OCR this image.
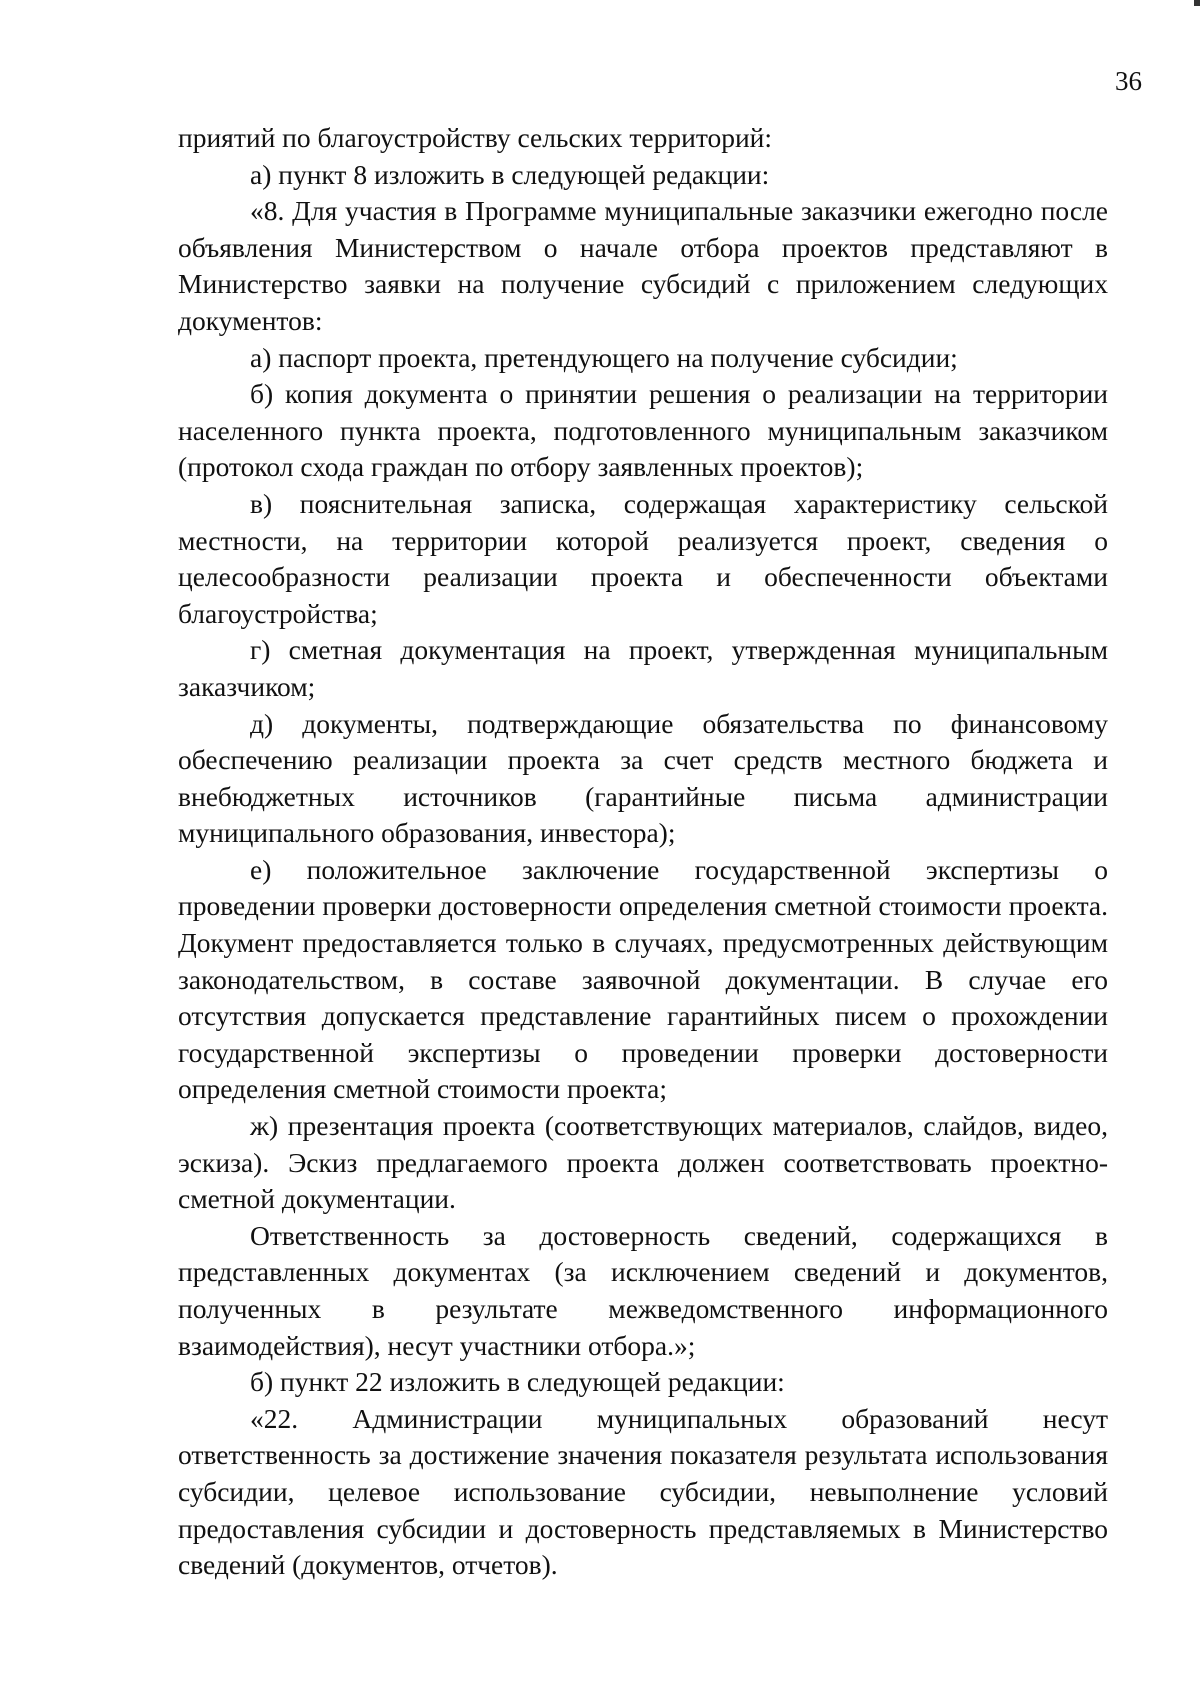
36

приятий по благоустройству сельских территорий:

а) пункт 8 изложить в следующей редакции:

«8. Для участия в Программе муниципальные заказчики ежегодно после объявления Министерством о начале отбора проектов представляют в Министерство заявки на получение субсидий с приложением следующих документов:

а) паспорт проекта, претендующего на получение субсидии;

б) копия документа о принятии решения о реализации на территории населенного пункта проекта, подготовленного муниципальным заказчиком (протокол схода граждан по отбору заявленных проектов);

в) пояснительная записка, содержащая характеристику сельской местности, на территории которой реализуется проект, сведения о целесообразности реализации проекта и обеспеченности объектами благоустройства;

г) сметная документация на проект, утвержденная муниципальным заказчиком;

д) документы, подтверждающие обязательства по финансовому обеспечению реализации проекта за счет средств местного бюджета и внебюджетных источников (гарантийные письма администрации муниципального образования, инвестора);

е) положительное заключение государственной экспертизы о проведении проверки достоверности определения сметной стоимости проекта. Документ предоставляется только в случаях, предусмотренных действующим законодательством, в составе заявочной документации. В случае его отсутствия допускается представление гарантийных писем о прохождении государственной экспертизы о проведении проверки достоверности определения сметной стоимости проекта;

ж) презентация проекта (соответствующих материалов, слайдов, видео, эскиза). Эскиз предлагаемого проекта должен соответствовать проектно-сметной документации.

Ответственность за достоверность сведений, содержащихся в представленных документах (за исключением сведений и документов, полученных в результате межведомственного информационного взаимодействия), несут участники отбора.»;

б) пункт 22 изложить в следующей редакции:

«22. Администрации муниципальных образований несут ответственность за достижение значения показателя результата использования субсидии, целевое использование субсидии, невыполнение условий предоставления субсидии и достоверность представляемых в Министерство сведений (документов, отчетов).
